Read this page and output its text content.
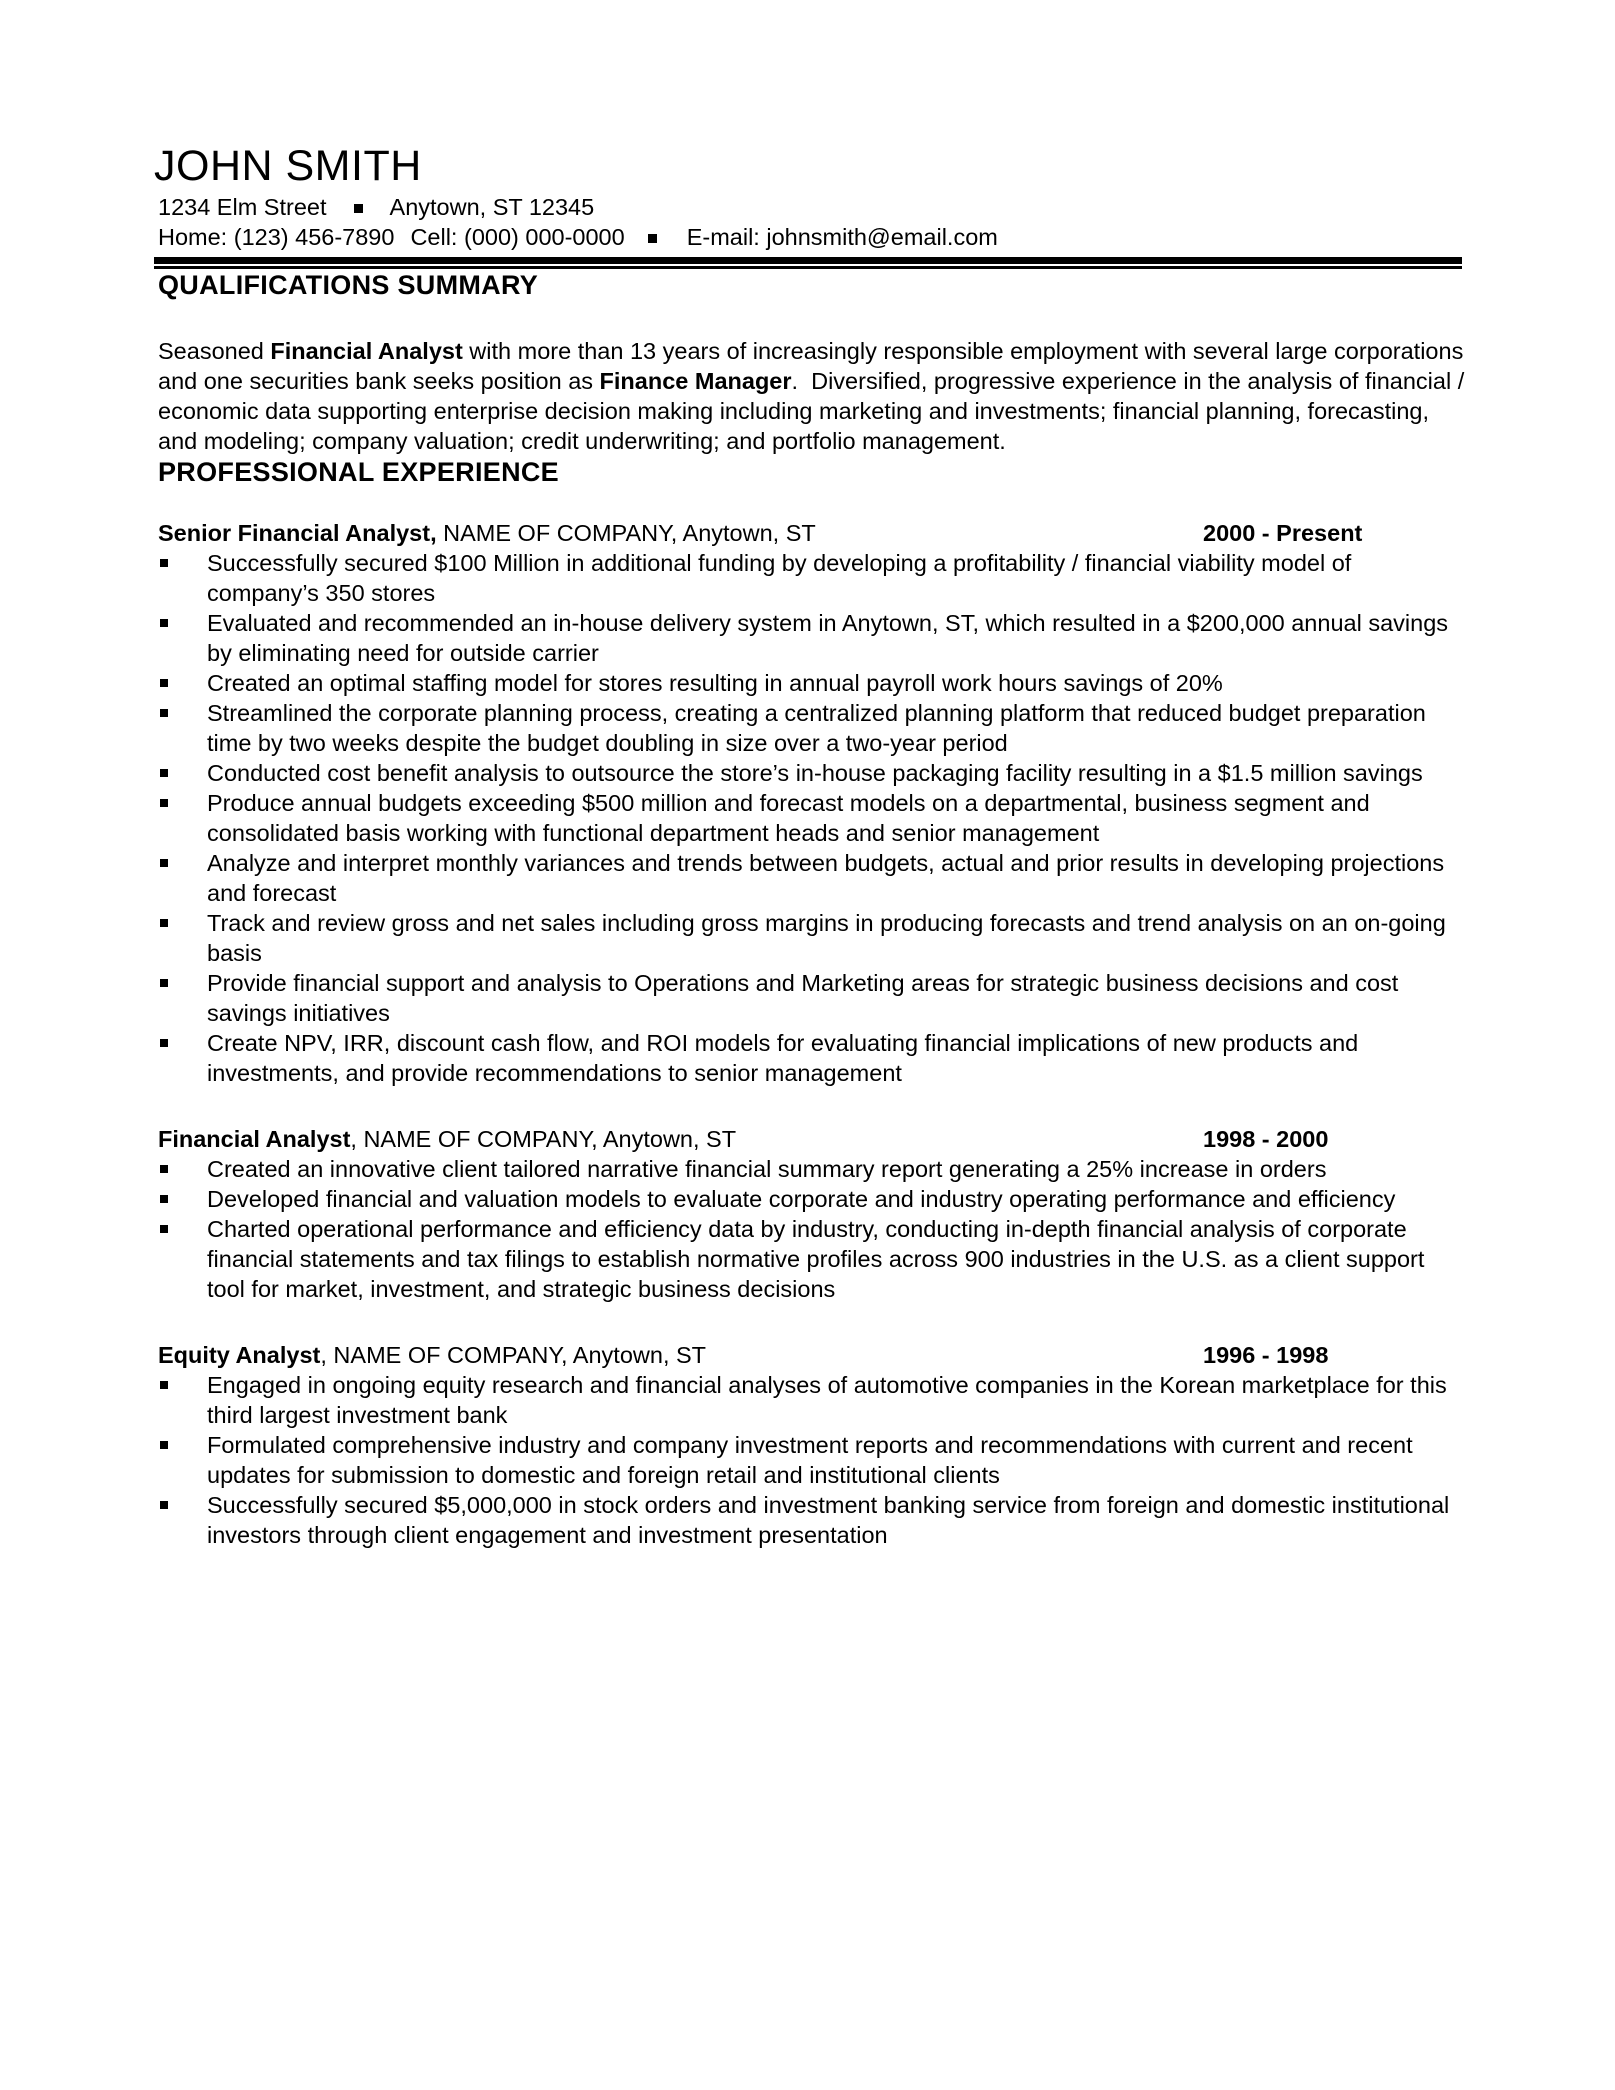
JOHN SMITH
1234 Elm Street	Anytown, ST 12345
Home: (123) 456-7890 Cell: (000) 000-0000	E-mail: johnsmith@email.com
QUALIFICATIONS SUMMARY

Seasoned Financial Analyst with more than 13 years of increasingly responsible employment with several large corporations and one securities bank seeks position as Finance Manager.  Diversified, progressive experience in the analysis of financial / economic data supporting enterprise decision making including marketing and investments; financial planning, forecasting, and modeling; company valuation; credit underwriting; and portfolio management.

PROFESSIONAL EXPERIENCE
Senior Financial Analyst, NAME OF COMPANY, Anytown, ST	2000 - Present
Successfully secured $100 Million in additional funding by developing a profitability / financial viability model of company’s 350 stores
Evaluated and recommended an in-house delivery system in Anytown, ST, which resulted in a $200,000 annual savings by eliminating need for outside carrier
Created an optimal staffing model for stores resulting in annual payroll work hours savings of 20%
Streamlined the corporate planning process, creating a centralized planning platform that reduced budget preparation time by two weeks despite the budget doubling in size over a two-year period
Conducted cost benefit analysis to outsource the store’s in-house packaging facility resulting in a $1.5 million savings
Produce annual budgets exceeding $500 million and forecast models on a departmental, business segment and consolidated basis working with functional department heads and senior management
Analyze and interpret monthly variances and trends between budgets, actual and prior results in developing projections and forecast
Track and review gross and net sales including gross margins in producing forecasts and trend analysis on an on-going basis
Provide financial support and analysis to Operations and Marketing areas for strategic business decisions and cost savings initiatives
Create NPV, IRR, discount cash flow, and ROI models for evaluating financial implications of new products and investments, and provide recommendations to senior management
Financial Analyst, NAME OF COMPANY, Anytown, ST	1998 - 2000
Created an innovative client tailored narrative financial summary report generating a 25% increase in orders
Developed financial and valuation models to evaluate corporate and industry operating performance and efficiency
Charted operational performance and efficiency data by industry, conducting in-depth financial analysis of corporate financial statements and tax filings to establish normative profiles across 900 industries in the U.S. as a client support tool for market, investment, and strategic business decisions
Equity Analyst, NAME OF COMPANY, Anytown, ST	1996 - 1998
Engaged in ongoing equity research and financial analyses of automotive companies in the Korean marketplace for this third largest investment bank
Formulated comprehensive industry and company investment reports and recommendations with current and recent updates for submission to domestic and foreign retail and institutional clients
Successfully secured $5,000,000 in stock orders and investment banking service from foreign and domestic institutional investors through client engagement and investment presentation
